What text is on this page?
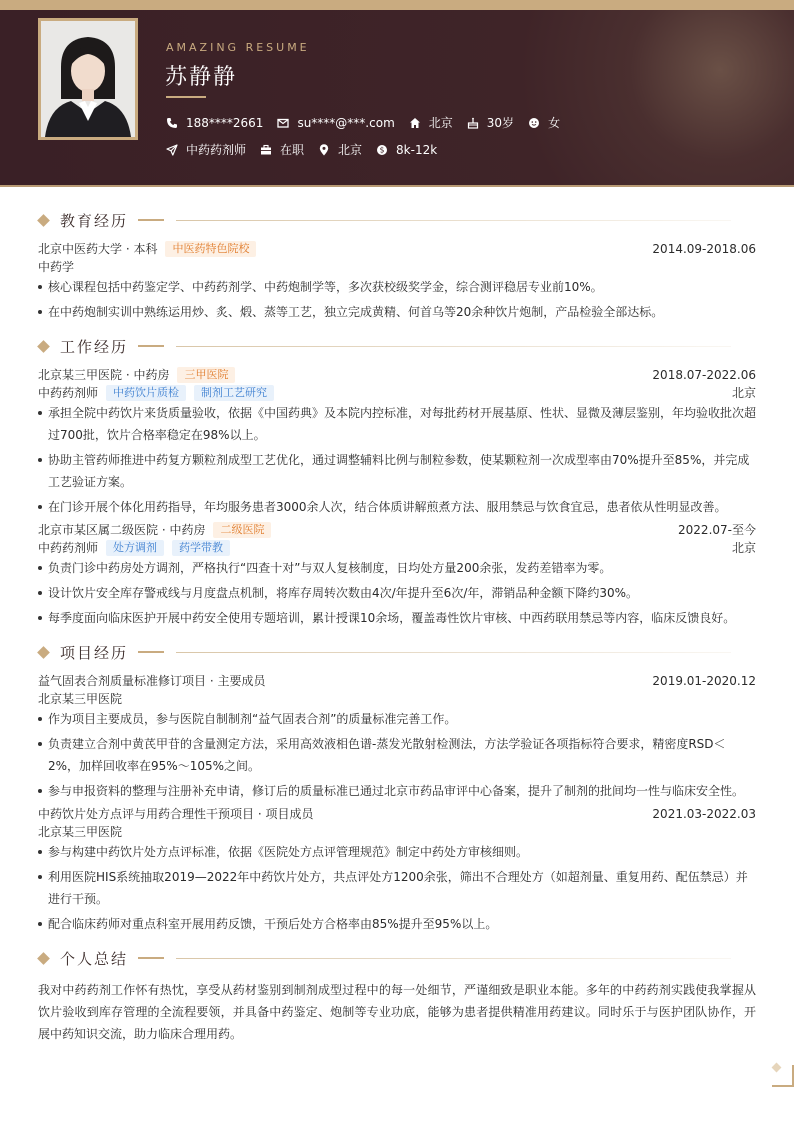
AMAZING RESUME
苏静静
188****2661	su****@***.com	北京	30岁	女
中药药剂师	在职	北京 $ 8k-12k
教育经历
北京中医药大学 · 本科	中医药特色院校	2014.09-2018.06
中药学
核心课程包括中药鉴定学、中药药剂学、中药炮制学等，多次获校级奖学金，综合测评稳居专业前10%。
在中药炮制实训中熟练运用炒、炙、煅、蒸等工艺，独立完成黄精、何首乌等20余种饮片炮制，产品检验全部达标。
工作经历
北京某三甲医院 · 中药房	三甲医院	2018.07-2022.06
中药药剂师	中药饮片质检	制剂工艺研究	北京
承担全院中药饮片来货质量验收，依据《中国药典》及本院内控标准，对每批药材开展基原、性状、显微及薄层鉴别，年均验收批次超过700批，饮片合格率稳定在98%以上。
协助主管药师推进中药复方颗粒剂成型工艺优化，通过调整辅料比例与制粒参数，使某颗粒剂一次成型率由70%提升至85%，并完成工艺验证方案。
在门诊开展个体化用药指导，年均服务患者3000余人次，结合体质讲解煎煮方法、服用禁忌与饮食宜忌，患者依从性明显改善。
北京市某区属二级医院 · 中药房	二级医院	2022.07-至今
中药药剂师	处方调剂	药学带教	北京
负责门诊中药房处方调剂，严格执行“四查十对”与双人复核制度，日均处方量200余张，发药差错率为零。
设计饮片安全库存警戒线与月度盘点机制，将库存周转次数由4次/年提升至6次/年，滞销品种金额下降约30%。
每季度面向临床医护开展中药安全使用专题培训，累计授课10余场，覆盖毒性饮片审核、中西药联用禁忌等内容，临床反馈良好。
项目经历
益气固表合剂质量标准修订项目 · 主要成员	2019.01-2020.12
北京某三甲医院
作为项目主要成员，参与医院自制制剂“益气固表合剂”的质量标准完善工作。
负责建立合剂中黄芪甲苷的含量测定方法，采用高效液相色谱-蒸发光散射检测法，方法学验证各项指标符合要求，精密度RSD＜2%，加样回收率在95%～105%之间。
参与申报资料的整理与注册补充申请，修订后的质量标准已通过北京市药品审评中心备案，提升了制剂的批间均一性与临床安全性。
中药饮片处方点评与用药合理性干预项目 · 项目成员	2021.03-2022.03
北京某三甲医院
参与构建中药饮片处方点评标准，依据《医院处方点评管理规范》制定中药处方审核细则。
利用医院HIS系统抽取2019—2022年中药饮片处方，共点评处方1200余张，筛出不合理处方（如超剂量、重复用药、配伍禁忌）并进行干预。
配合临床药师对重点科室开展用药反馈，干预后处方合格率由85%提升至95%以上。
个人总结

我对中药药剂工作怀有热忱，享受从药材鉴别到制剂成型过程中的每一处细节，严谨细致是职业本能。多年的中药药剂实践使我掌握从饮片验收到库存管理的全流程要领，并具备中药鉴定、炮制等专业功底，能够为患者提供精准用药建议。同时乐于与医护团队协作，开展中药知识交流，助力临床合理用药。
